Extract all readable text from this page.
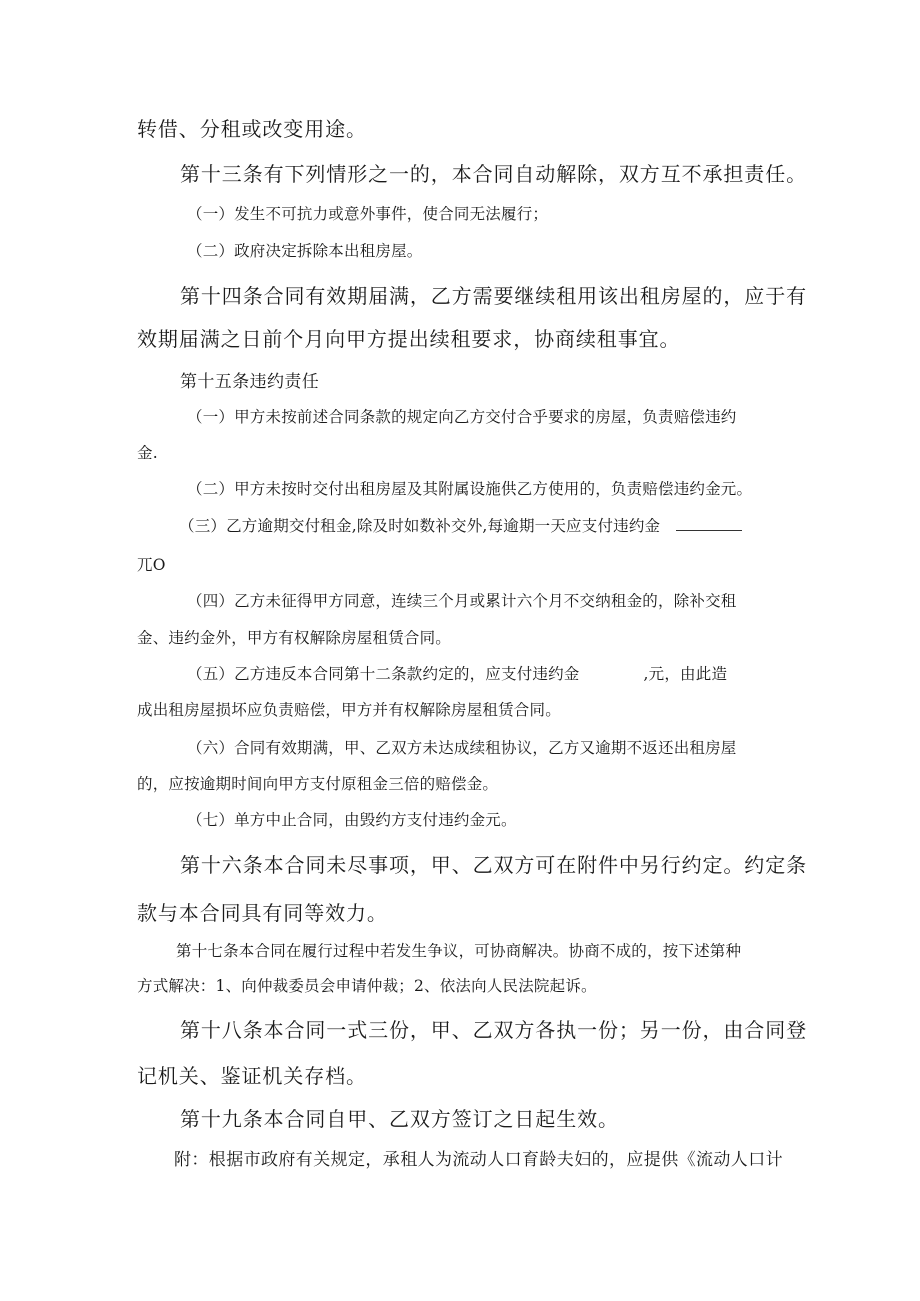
转借、分租或改变用途。

第十三条有下列情形之一的，本合同自动解除，双方互不承担责任。

（一）发生不可抗力或意外事件，使合同无法履行；

（二）政府决定拆除本出租房屋。

第十四条合同有效期届满，乙方需要继续租用该出租房屋的，应于有

效期届满之日前个月向甲方提出续租要求，协商续租事宜。

第十五条违约责任

（一）甲方未按前述合同条款的规定向乙方交付合乎要求的房屋，负责赔偿违约

金.

（二）甲方未按时交付出租房屋及其附属设施供乙方使用的，负责赔偿违约金元。

（三）乙方逾期交付租金,除及时如数补交外,每逾期一天应支付违约金

兀O

（四）乙方未征得甲方同意，连续三个月或累计六个月不交纳租金的，除补交租

金、违约金外，甲方有权解除房屋租赁合同。

（五）乙方违反本合同第十二条款约定的，应支付违约金	,元，由此造

成出租房屋损坏应负责赔偿，甲方并有权解除房屋租赁合同。

（六）合同有效期满，甲、乙双方未达成续租协议，乙方又逾期不返还出租房屋

的，应按逾期时间向甲方支付原租金三倍的赔偿金。

（七）单方中止合同，由毁约方支付违约金元。

第十六条本合同未尽事项，甲、乙双方可在附件中另行约定。约定条

款与本合同具有同等效力。

第十七条本合同在履行过程中若发生争议，可协商解决。协商不成的，按下述第种

方式解决：1、向仲裁委员会申请仲裁；2、依法向人民法院起诉。

第十八条本合同一式三份，甲、乙双方各执一份；另一份，由合同登

记机关、鉴证机关存档。

第十九条本合同自甲、乙双方签订之日起生效。

附：根据市政府有关规定，承租人为流动人口育龄夫妇的，应提供《流动人口计
